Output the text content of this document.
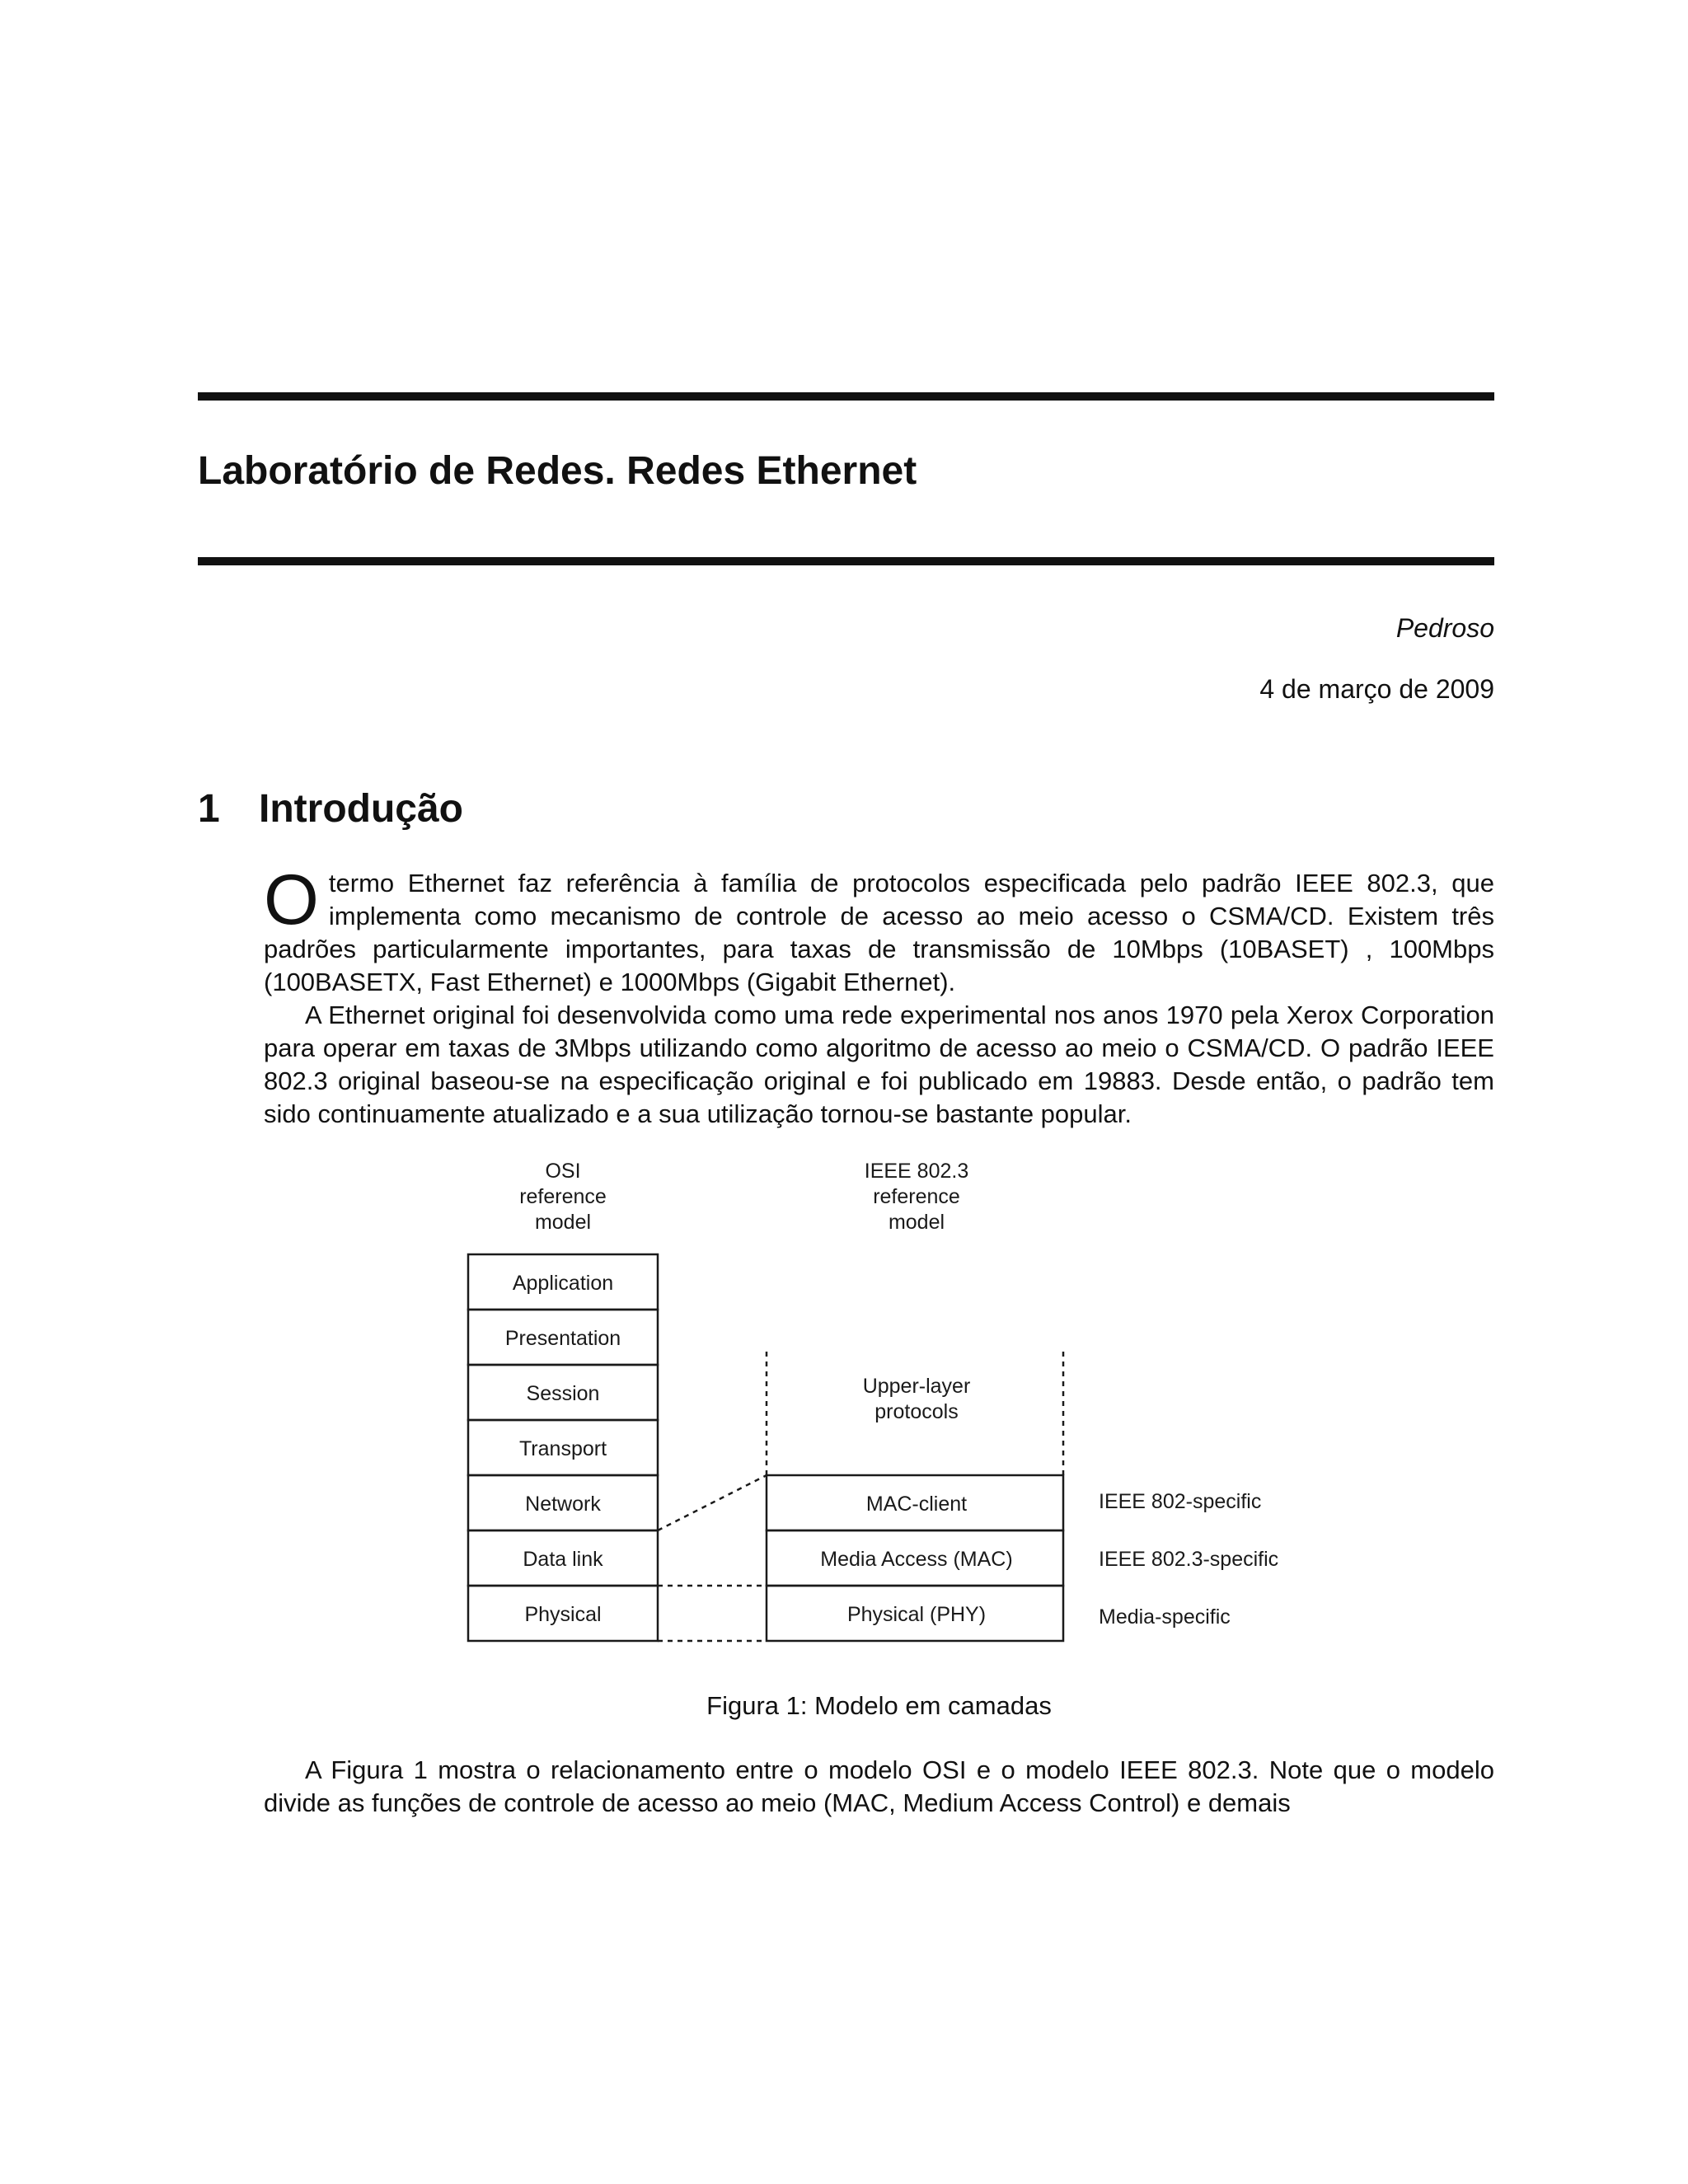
Laboratório de Redes. Redes Ethernet
Pedroso
4 de março de 2009
1 Introdução

Otermo Ethernet faz referência à família de protocolos especificada pelo padrão IEEE 802.3, que implementa como mecanismo de controle de acesso ao meio acesso o CSMA/CD. Existem três padrões particularmente importantes, para taxas de transmissão de 10Mbps (10BASET) , 100Mbps (100BASETX, Fast Ethernet) e 1000Mbps (Gigabit Ethernet).

A Ethernet original foi desenvolvida como uma rede experimental nos anos 1970 pela Xerox Corporation para operar em taxas de 3Mbps utilizando como algoritmo de acesso ao meio o CSMA/CD. O padrão IEEE 802.3 original baseou-se na especificação original e foi publicado em 19883. Desde então, o padrão tem sido continuamente atualizado e a sua utilização tornou-se bastante popular.

OSI
reference
model
IEEE 802.3
reference
model
Application
Presentation
Session
Transport
Network
Data link
Physical
Upper-layer
protocols
MAC-client
Media Access (MAC)
Physical (PHY)
IEEE 802-specific
IEEE 802.3-specific
Media-specific
Figura 1: Modelo em camadas

A Figura 1 mostra o relacionamento entre o modelo OSI e o modelo IEEE 802.3. Note que o modelo divide as funções de controle de acesso ao meio (MAC, Medium Access Control) e demais
